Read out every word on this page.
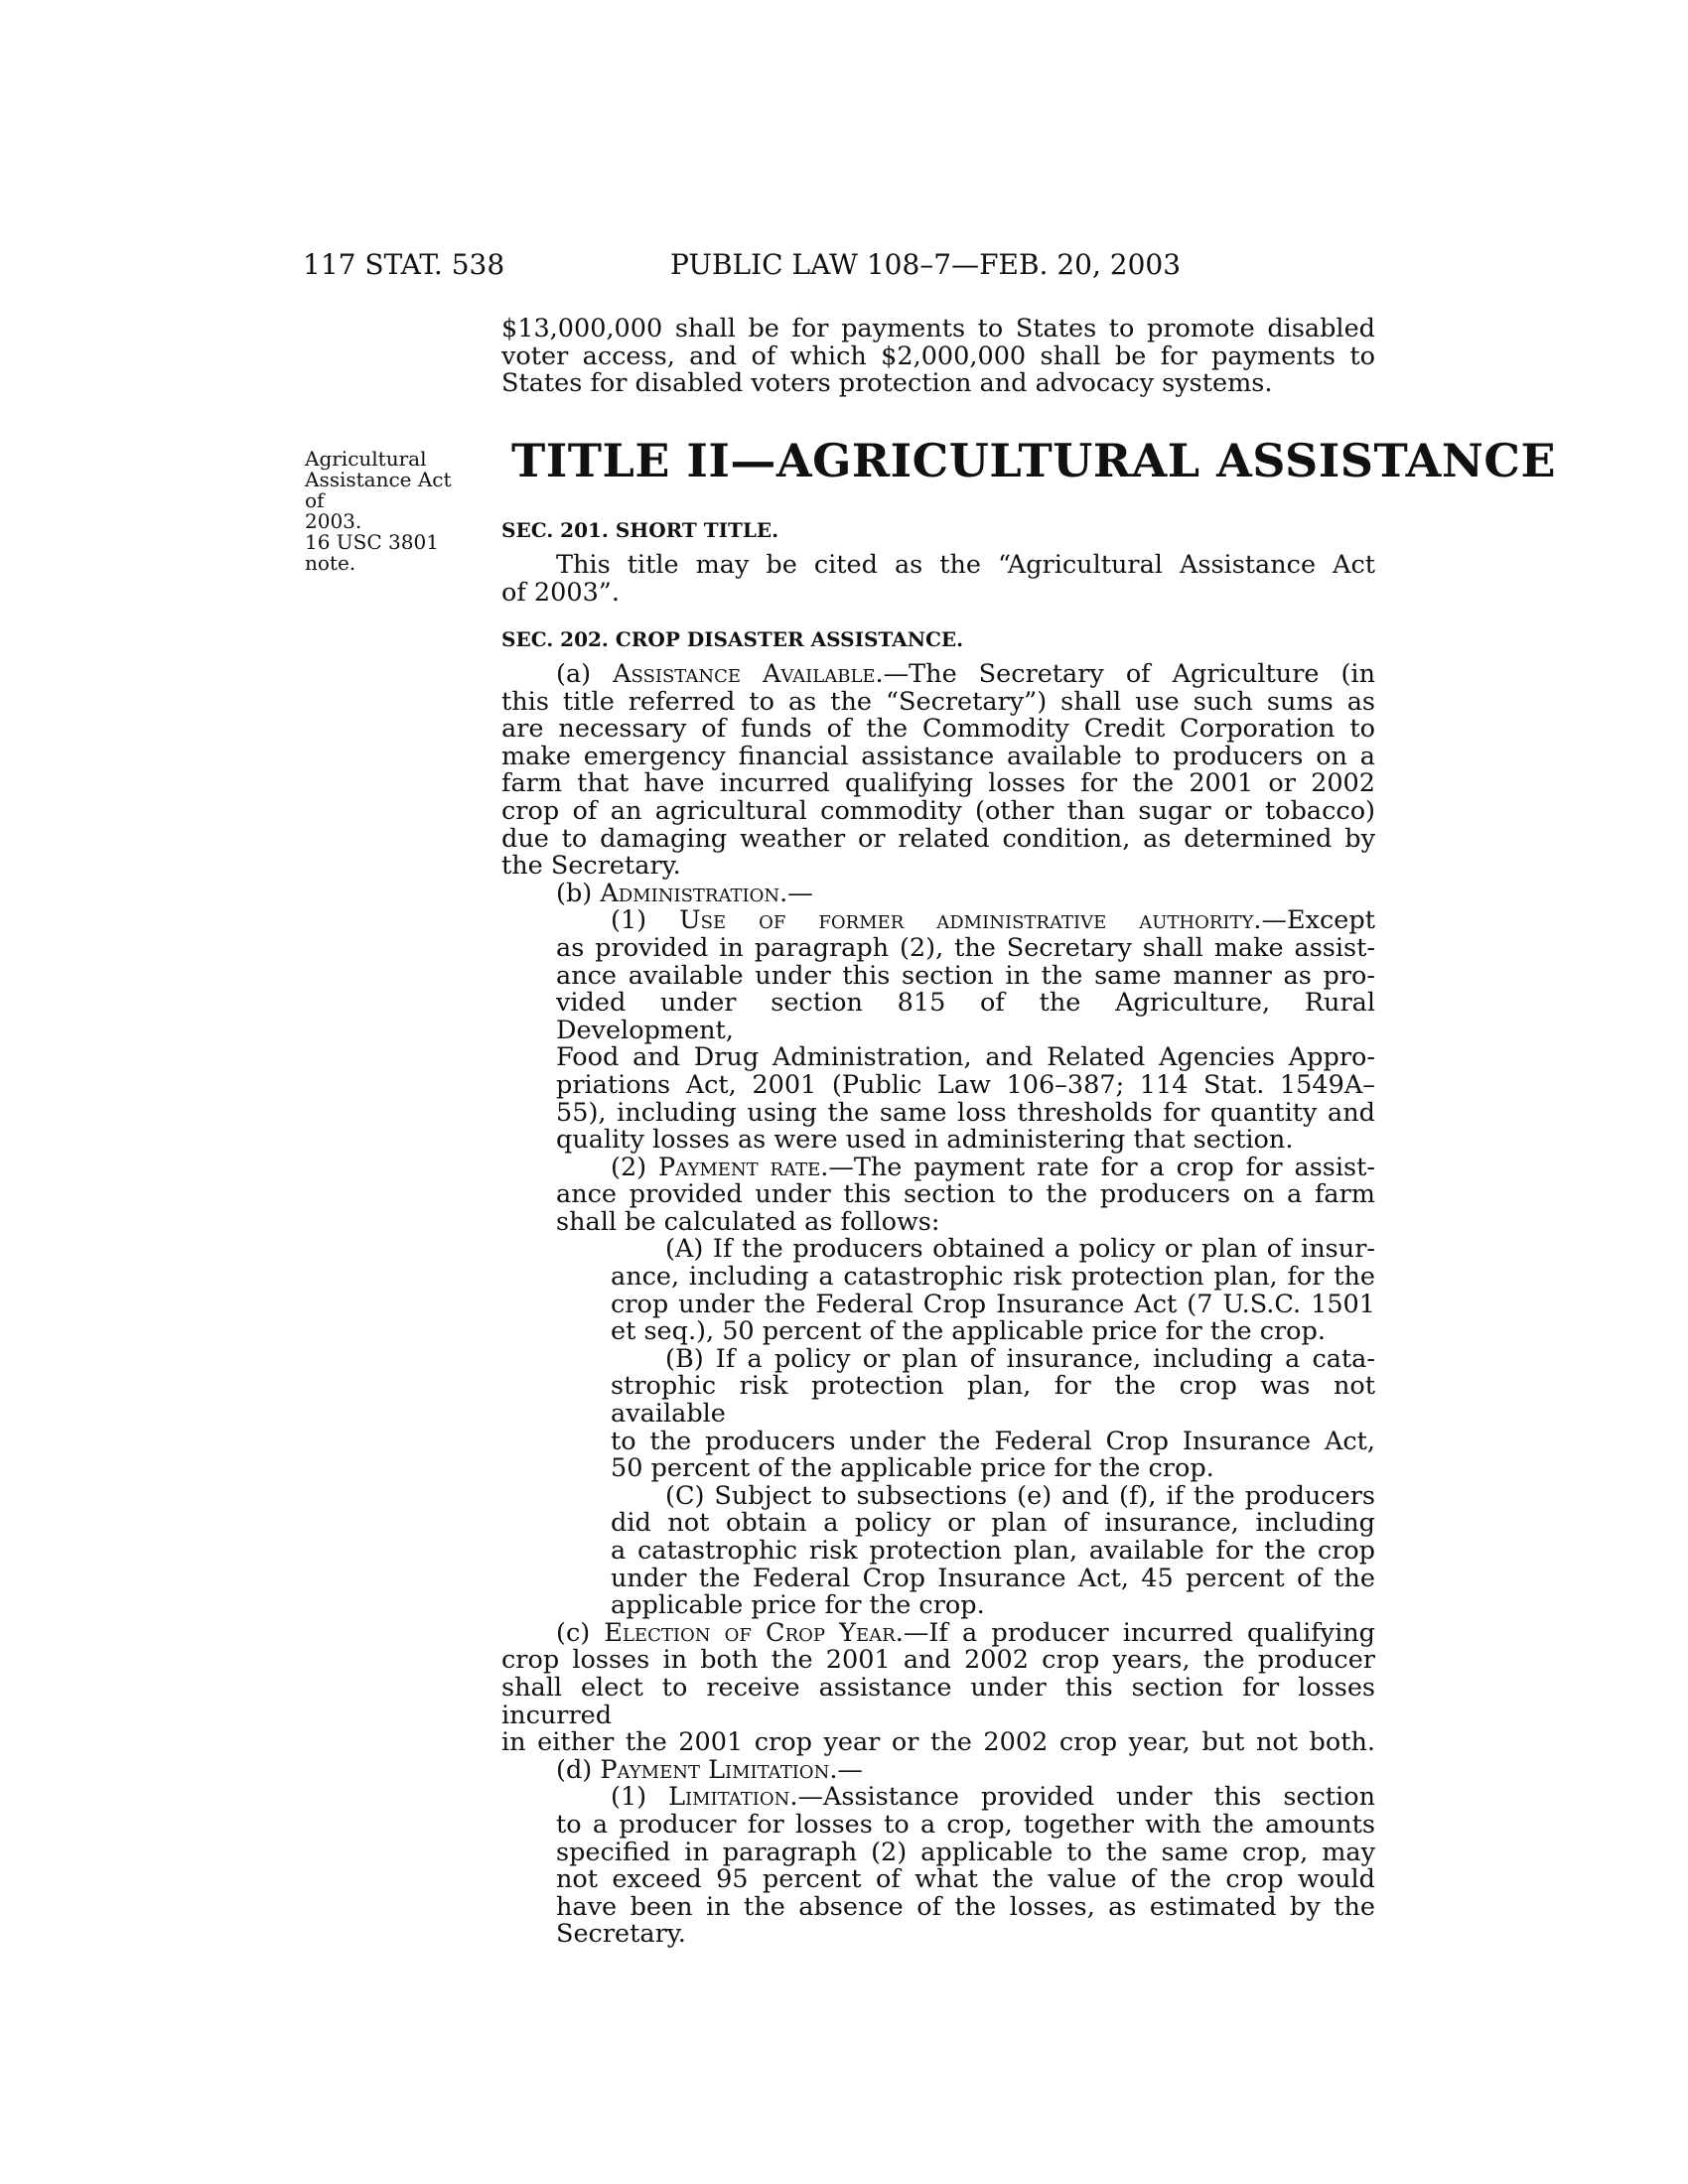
117 STAT. 538	PUBLIC LAW 108–7—FEB. 20, 2003

$13,000,000 shall be for payments to States to promote disabled

voter access, and of which $2,000,000 shall be for payments to

States for disabled voters protection and advocacy systems.

Agricultural
Assistance Act of
2003.
16 USC 3801
note.
TITLE II—AGRICULTURAL ASSISTANCE
SEC. 201. SHORT TITLE.

This title may be cited as the “Agricultural Assistance Act

of 2003”.

SEC. 202. CROP DISASTER ASSISTANCE.

(a) Assistance Available.—The Secretary of Agriculture (in

this title referred to as the “Secretary”) shall use such sums as

are necessary of funds of the Commodity Credit Corporation to

make emergency financial assistance available to producers on a

farm that have incurred qualifying losses for the 2001 or 2002

crop of an agricultural commodity (other than sugar or tobacco)

due to damaging weather or related condition, as determined by

the Secretary.

(b) Administration.—

(1) Use of former administrative authority.—Except

as provided in paragraph (2), the Secretary shall make assist-

ance available under this section in the same manner as pro-

vided under section 815 of the Agriculture, Rural Development,

Food and Drug Administration, and Related Agencies Appro-

priations Act, 2001 (Public Law 106–387; 114 Stat. 1549A–

55), including using the same loss thresholds for quantity and

quality losses as were used in administering that section.

(2) Payment rate.—The payment rate for a crop for assist-

ance provided under this section to the producers on a farm

shall be calculated as follows:

(A) If the producers obtained a policy or plan of insur-

ance, including a catastrophic risk protection plan, for the

crop under the Federal Crop Insurance Act (7 U.S.C. 1501

et seq.), 50 percent of the applicable price for the crop.

(B) If a policy or plan of insurance, including a cata-

strophic risk protection plan, for the crop was not available

to the producers under the Federal Crop Insurance Act,

50 percent of the applicable price for the crop.

(C) Subject to subsections (e) and (f), if the producers

did not obtain a policy or plan of insurance, including

a catastrophic risk protection plan, available for the crop

under the Federal Crop Insurance Act, 45 percent of the

applicable price for the crop.

(c) Election of Crop Year.—If a producer incurred qualifying

crop losses in both the 2001 and 2002 crop years, the producer

shall elect to receive assistance under this section for losses incurred

in either the 2001 crop year or the 2002 crop year, but not both.

(d) Payment Limitation.—

(1) Limitation.—Assistance provided under this section

to a producer for losses to a crop, together with the amounts

specified in paragraph (2) applicable to the same crop, may

not exceed 95 percent of what the value of the crop would

have been in the absence of the losses, as estimated by the

Secretary.
